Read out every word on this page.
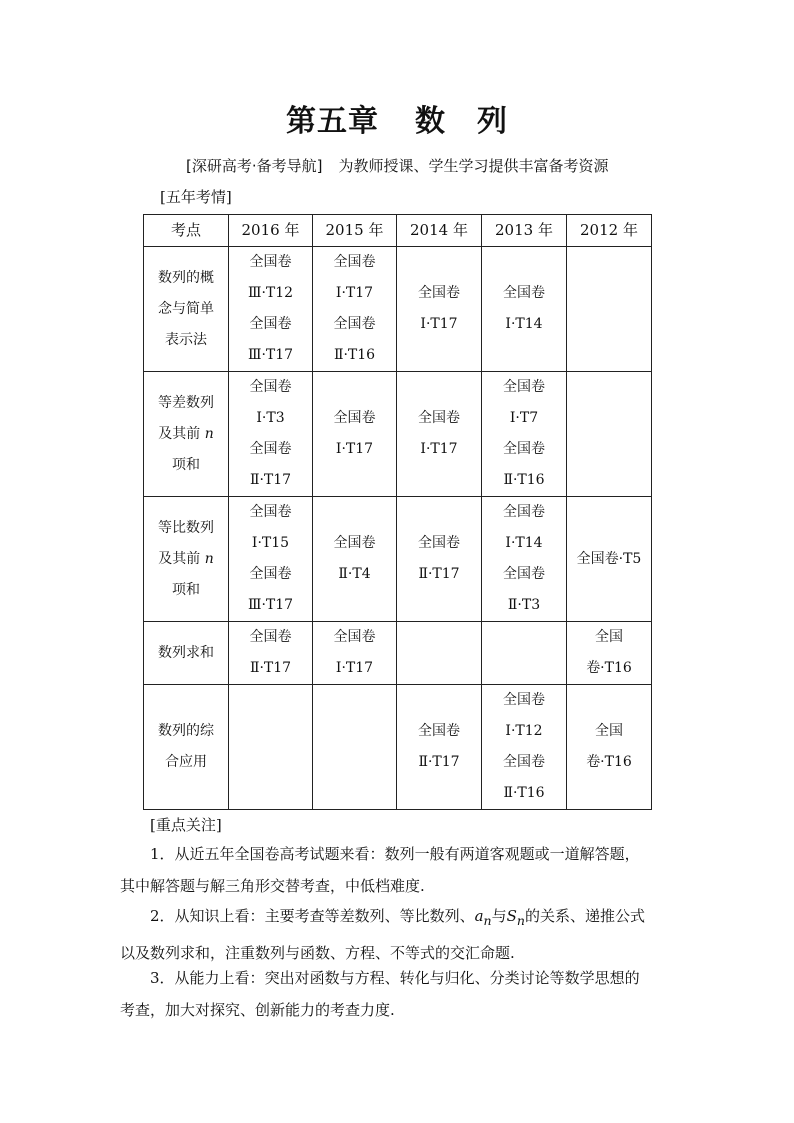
第五章 数　列
[深研高考·备考导航] 为教师授课、学生学习提供丰富备考资源
[五年考情]
考点	2016 年	2015 年	2014 年	2013 年	2012 年

数列的概
念与简单
表示法	全国卷
Ⅲ·T12
全国卷
Ⅲ·T17	全国卷
Ⅰ·T17
全国卷
Ⅱ·T16	全国卷
Ⅰ·T17	全国卷
Ⅰ·T14	

等差数列
及其前 n
项和	全国卷
Ⅰ·T3
全国卷
Ⅱ·T17	全国卷
Ⅰ·T17	全国卷
Ⅰ·T17	全国卷
Ⅰ·T7
全国卷
Ⅱ·T16	

等比数列
及其前 n
项和	全国卷
Ⅰ·T15
全国卷
Ⅲ·T17	全国卷
Ⅱ·T4	全国卷
Ⅱ·T17	全国卷
Ⅰ·T14
全国卷
Ⅱ·T3	全国卷·T5

数列求和	全国卷
Ⅱ·T17	全国卷
Ⅰ·T17			全国
卷·T16

数列的综
合应用			全国卷
Ⅱ·T17	全国卷
Ⅰ·T12
全国卷
Ⅱ·T16	全国
卷·T16
[重点关注]
1．从近五年全国卷高考试题来看：数列一般有两道客观题或一道解答题，
其中解答题与解三角形交替考查，中低档难度.
2．从知识上看：主要考查等差数列、等比数列、$a_n$与$S_n$的关系、递推公式
以及数列求和，注重数列与函数、方程、不等式的交汇命题.
3．从能力上看：突出对函数与方程、转化与归化、分类讨论等数学思想的
考查，加大对探究、创新能力的考查力度.
